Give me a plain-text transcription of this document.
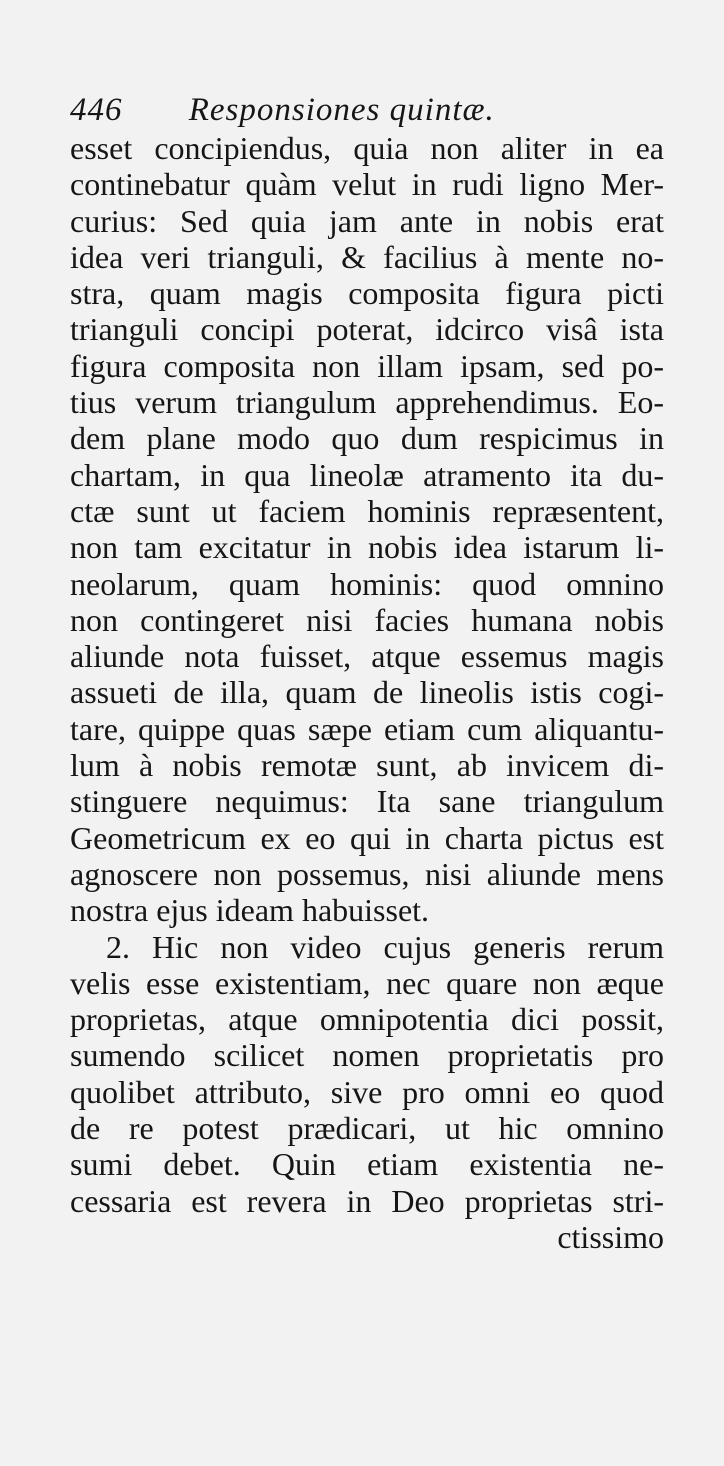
446 Responsiones quintæ.
esset concipiendus, quia non aliter in ea
continebatur quàm velut in rudi ligno Mer-
curius: Sed quia jam ante in nobis erat
idea veri trianguli, & facilius à mente no-
stra, quam magis composita figura picti
trianguli concipi poterat, idcirco visâ ista
figura composita non illam ipsam, sed po-
tius verum triangulum apprehendimus. Eo-
dem plane modo quo dum respicimus in
chartam, in qua lineolæ atramento ita du-
ctæ sunt ut faciem hominis repræsentent,
non tam excitatur in nobis idea istarum li-
neolarum, quam hominis: quod omnino
non contingeret nisi facies humana nobis
aliunde nota fuisset, atque essemus magis
assueti de illa, quam de lineolis istis cogi-
tare, quippe quas sæpe etiam cum aliquantu-
lum à nobis remotæ sunt, ab invicem di-
stinguere nequimus: Ita sane triangulum
Geometricum ex eo qui in charta pictus est
agnoscere non possemus, nisi aliunde mens
nostra ejus ideam habuisset.
2. Hic non video cujus generis rerum
velis esse existentiam, nec quare non æque
proprietas, atque omnipotentia dici possit,
sumendo scilicet nomen proprietatis pro
quolibet attributo, sive pro omni eo quod
de re potest prædicari, ut hic omnino
sumi debet. Quin etiam existentia ne-
cessaria est revera in Deo proprietas stri-
ctissimo
